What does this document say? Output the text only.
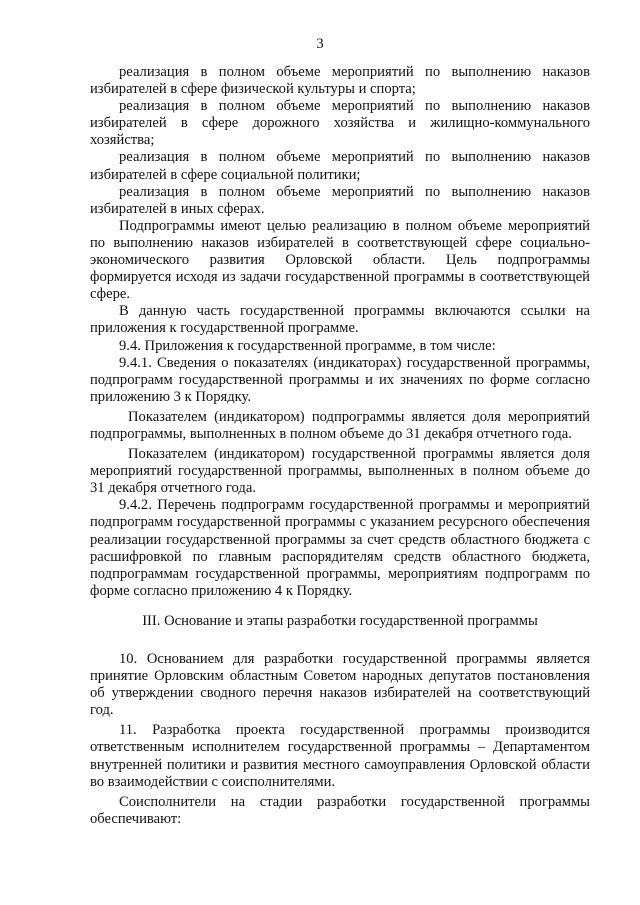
3

реализация в полном объеме мероприятий по выполнению наказов избирателей в сфере физической культуры и спорта;

реализация в полном объеме мероприятий по выполнению наказов избирателей в сфере дорожного хозяйства и жилищно-коммунального хозяйства;

реализация в полном объеме мероприятий по выполнению наказов избирателей в сфере социальной политики;

реализация в полном объеме мероприятий по выполнению наказов избирателей в иных сферах.

Подпрограммы имеют целью реализацию в полном объеме мероприятий по выполнению наказов избирателей в соответствующей сфере социально-экономического развития Орловской области. Цель подпрограммы формируется исходя из задачи государственной программы в соответствующей сфере.

В данную часть государственной программы включаются ссылки на приложения к государственной программе.

9.4. Приложения к государственной программе, в том числе:

9.4.1. Сведения о показателях (индикаторах) государственной программы, подпрограмм государственной программы и их значениях по форме согласно приложению 3 к Порядку.

Показателем (индикатором) подпрограммы является доля мероприятий подпрограммы, выполненных в полном объеме до 31 декабря отчетного года.

Показателем (индикатором) государственной программы является доля мероприятий государственной программы, выполненных в полном объеме до 31 декабря отчетного года.

9.4.2. Перечень подпрограмм государственной программы и мероприятий подпрограмм государственной программы с указанием ресурсного обеспечения реализации государственной программы за счет средств областного бюджета с расшифровкой по главным распорядителям средств областного бюджета, подпрограммам государственной программы, мероприятиям подпрограмм по форме согласно приложению 4 к Порядку.

III. Основание и этапы разработки государственной программы

10. Основанием для разработки государственной программы является принятие Орловским областным Советом народных депутатов постановления об утверждении сводного перечня наказов избирателей на соответствующий год.

11. Разработка проекта государственной программы производится ответственным исполнителем государственной программы – Департаментом внутренней политики и развития местного самоуправления Орловской области во взаимодействии с соисполнителями.

Соисполнители на стадии разработки государственной программы обеспечивают:
